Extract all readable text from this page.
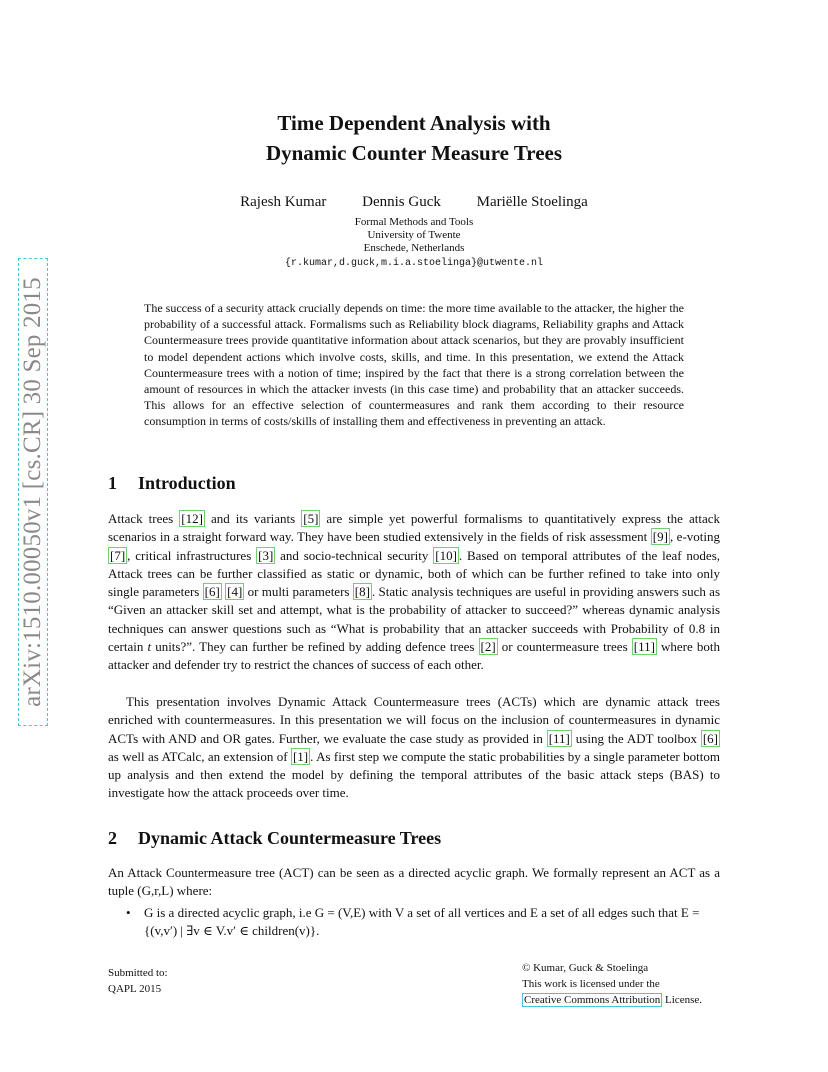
arXiv:1510.00050v1 [cs.CR] 30 Sep 2015
Time Dependent Analysis with
Dynamic Counter Measure Trees
Rajesh Kumar Dennis Guck Mariëlle Stoelinga
Formal Methods and Tools
University of Twente
Enschede, Netherlands
{r.kumar,d.guck,m.i.a.stoelinga}@utwente.nl
The success of a security attack crucially depends on time: the more time available to the attacker, the higher the probability of a successful attack. Formalisms such as Reliability block diagrams, Reliability graphs and Attack Countermeasure trees provide quantitative information about attack scenarios, but they are provably insufficient to model dependent actions which involve costs, skills, and time. In this presentation, we extend the Attack Countermeasure trees with a notion of time; inspired by the fact that there is a strong correlation between the amount of resources in which the attacker invests (in this case time) and probability that an attacker succeeds. This allows for an effective selection of countermeasures and rank them according to their resource consumption in terms of costs/skills of installing them and effectiveness in preventing an attack.
1 Introduction
Attack trees [12] and its variants [5] are simple yet powerful formalisms to quantitatively express the attack scenarios in a straight forward way. They have been studied extensively in the fields of risk assessment [9] , e-voting [7] , critical infrastructures [3] and socio-technical security [10] . Based on temporal attributes of the leaf nodes, Attack trees can be further classified as static or dynamic, both of which can be further refined to take into only single parameters [6] [4] or multi parameters [8] . Static analysis techniques are useful in providing answers such as “Given an attacker skill set and attempt, what is the probability of attacker to succeed?” whereas dynamic analysis techniques can answer questions such as “What is probability that an attacker succeeds with Probability of 0.8 in certain t units?”. They can further be refined by adding defence trees [2] or countermeasure trees [11] where both attacker and defender try to restrict the chances of success of each other.
This presentation involves Dynamic Attack Countermeasure trees (ACTs) which are dynamic attack trees enriched with countermeasures. In this presentation we will focus on the inclusion of countermeasures in dynamic ACTs with AND and OR gates. Further, we evaluate the case study as provided in [11] using the ADT toolbox [6] as well as ATCalc, an extension of [1] . As first step we compute the static probabilities by a single parameter bottom up analysis and then extend the model by defining the temporal attributes of the basic attack steps (BAS) to investigate how the attack proceeds over time.
2 Dynamic Attack Countermeasure Trees
An Attack Countermeasure tree (ACT) can be seen as a directed acyclic graph. We formally represent an ACT as a tuple (G,r,L) where:
• G is a directed acyclic graph, i.e G = (V,E) with V a set of all vertices and E a set of all edges such that E = {(v,v′) | ∃v ∈ V.v′ ∈ children(v)}.
Submitted to:
QAPL 2015
© Kumar, Guck & Stoelinga
This work is licensed under the
Creative Commons Attribution License.
